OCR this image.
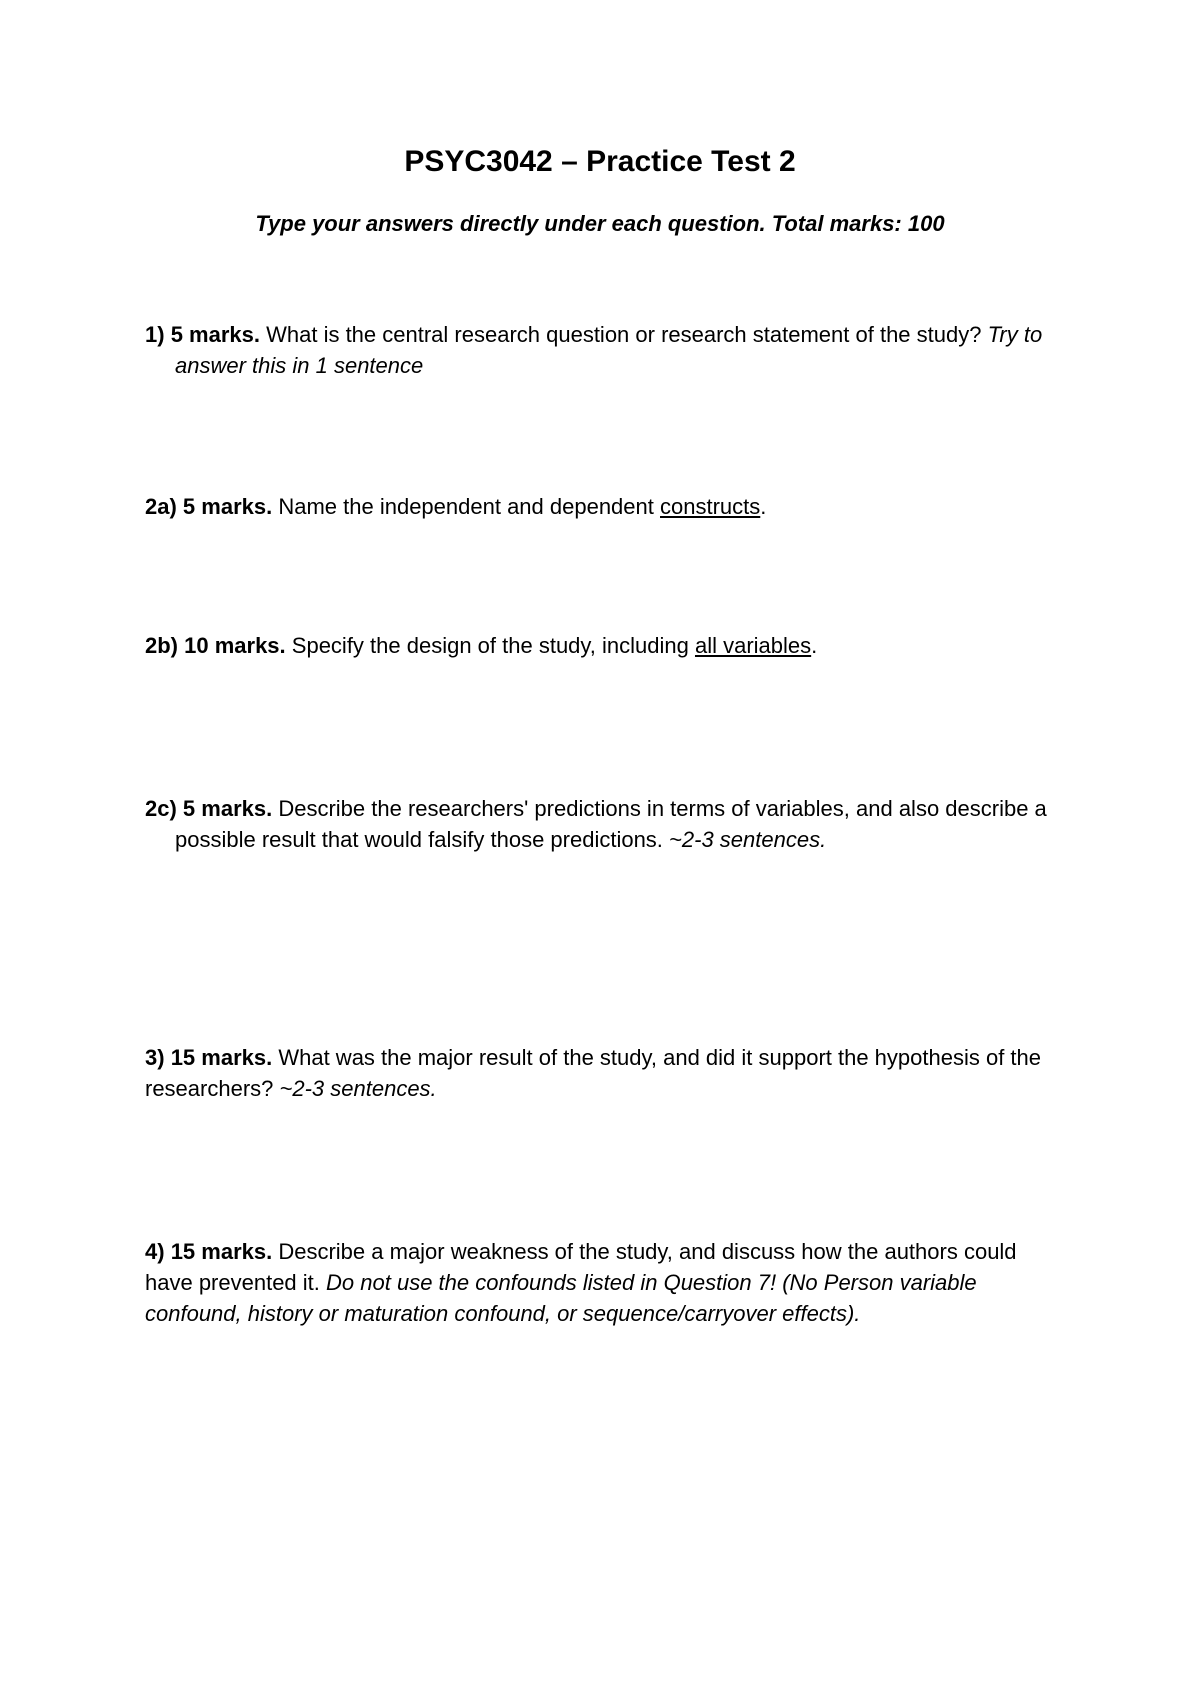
PSYC3042 – Practice Test 2
Type your answers directly under each question. Total marks: 100
1) 5 marks. What is the central research question or research statement of the study? Try to answer this in 1 sentence
2a) 5 marks. Name the independent and dependent constructs.
2b) 10 marks. Specify the design of the study, including all variables.
2c) 5 marks. Describe the researchers' predictions in terms of variables, and also describe a possible result that would falsify those predictions. ~2-3 sentences.
3) 15 marks. What was the major result of the study, and did it support the hypothesis of the researchers? ~2-3 sentences.
4) 15 marks. Describe a major weakness of the study, and discuss how the authors could have prevented it. Do not use the confounds listed in Question 7! (No Person variable confound, history or maturation confound, or sequence/carryover effects).
